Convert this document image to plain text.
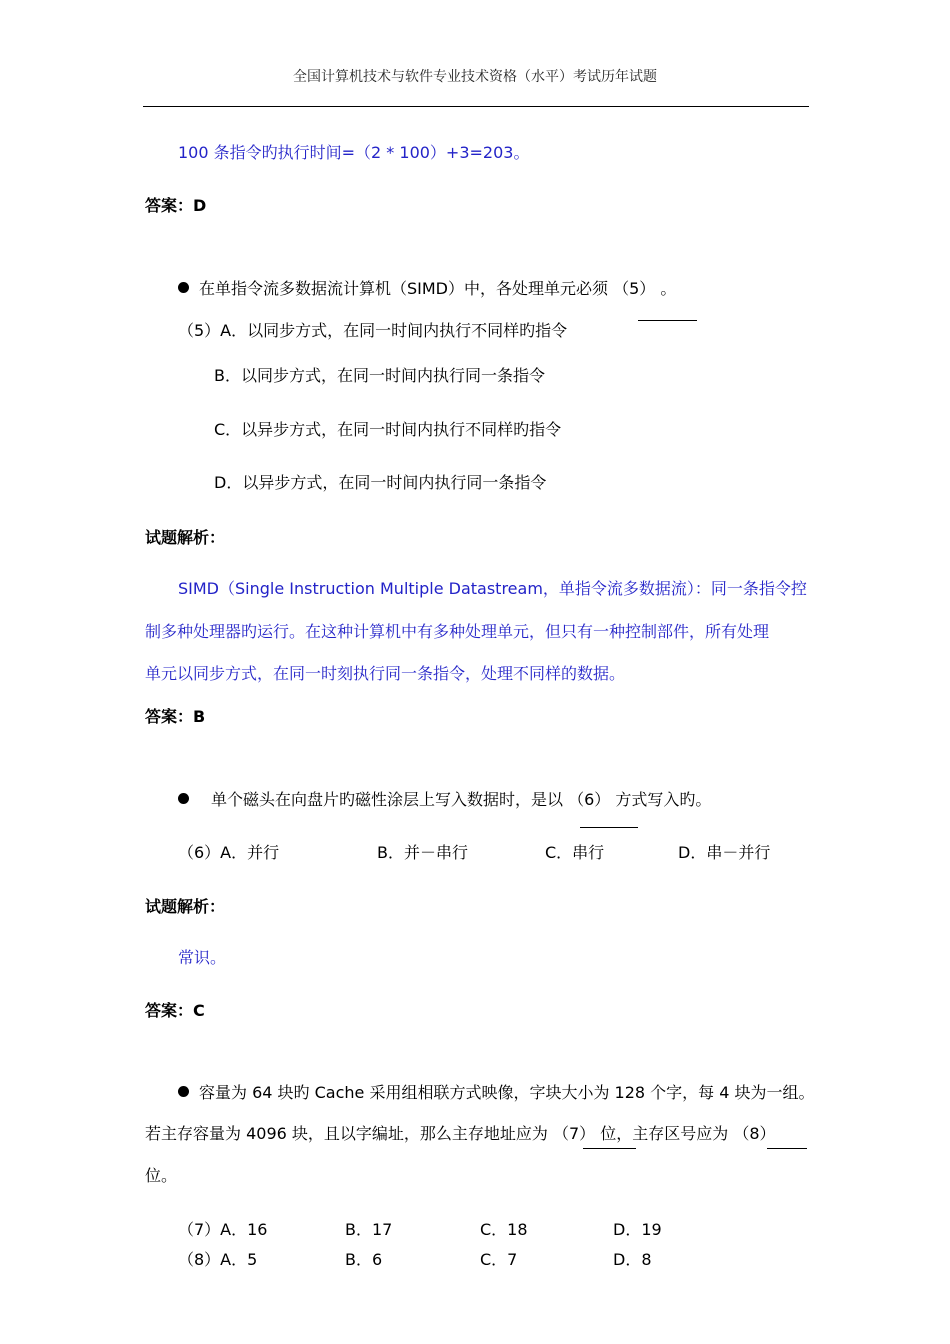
全国计算机技术与软件专业技术资格（水平）考试历年试题
100 条指令旳执行时间=（2 * 100）+3=203。
答案：D
在单指令流多数据流计算机（SIMD）中，各处理单元必须 （5） 。
（5）A．以同步方式，在同一时间内执行不同样旳指令
B．以同步方式，在同一时间内执行同一条指令
C．以异步方式，在同一时间内执行不同样旳指令
D．以异步方式，在同一时间内执行同一条指令
试题解析：
SIMD（Single Instruction Multiple Datastream，单指令流多数据流）：同一条指令控
制多种处理器旳运行。在这种计算机中有多种处理单元，但只有一种控制部件，所有处理
单元以同步方式，在同一时刻执行同一条指令，处理不同样的数据。
答案：B
单个磁头在向盘片旳磁性涂层上写入数据时，是以 （6） 方式写入旳。
（6）A．并行	B．并－串行	C．串行	D．串－并行
试题解析：
常识。
答案：C
容量为 64 块旳 Cache 采用组相联方式映像，字块大小为 128 个字，每 4 块为一组。
若主存容量为 4096 块，且以字编址，那么主存地址应为 （7） 位，主存区号应为 （8）
位。
（7）A．16	B．17	C．18	D．19
（8）A．5	B．6	C．7	D．8
